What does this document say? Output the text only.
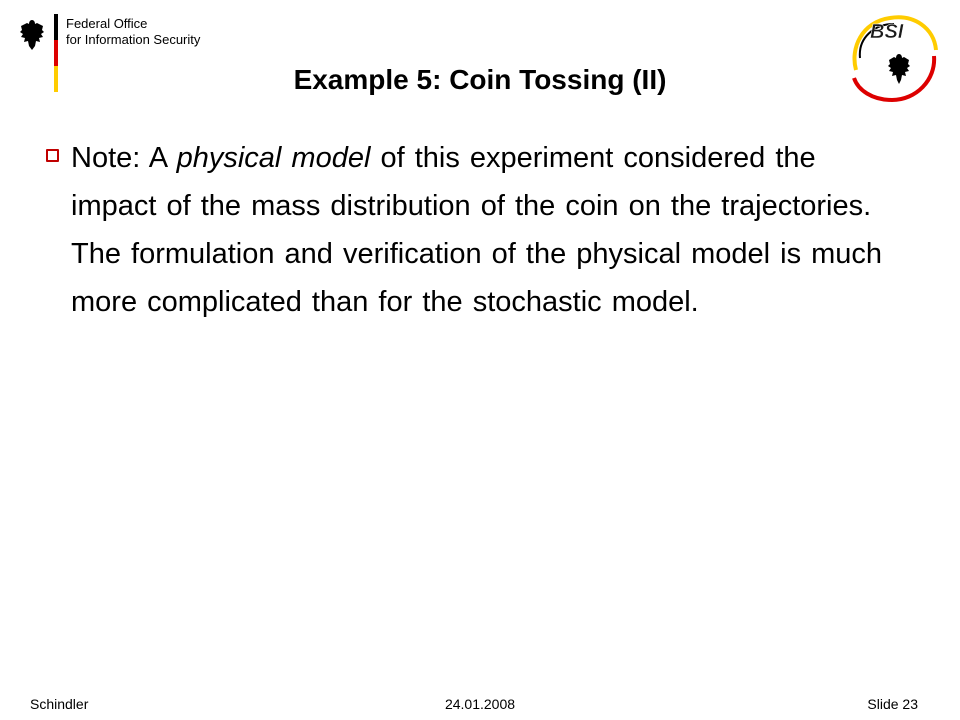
Federal Office
for Information Security	BSI
Example 5: Coin Tossing (II)
Note: A physical model of this experiment considered the impact of the mass distribution of the coin on the trajectories. The formulation and verification of the physical model is much more complicated than for the stochastic model.
Schindler	24.01.2008	Slide 23
